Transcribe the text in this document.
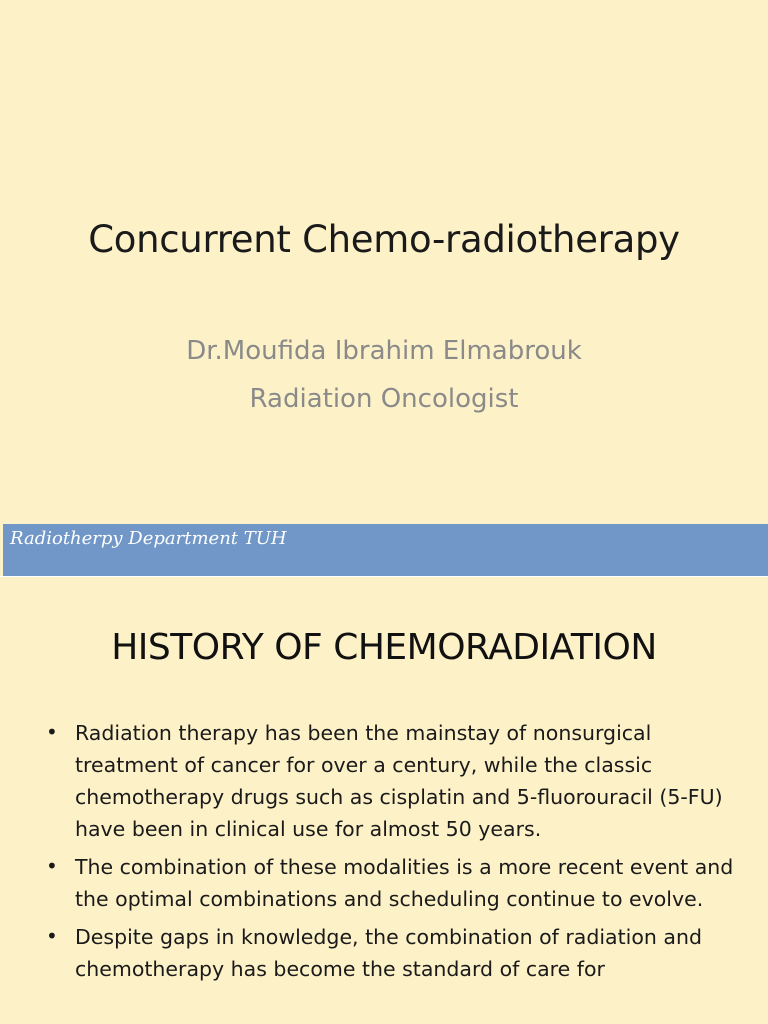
Concurrent Chemo-radiotherapy
Dr.Moufida Ibrahim Elmabrouk
Radiation Oncologist
Radiotherpy Department TUH
HISTORY OF CHEMORADIATION
• Radiation therapy has been the mainstay of nonsurgical treatment of cancer for over a century, while the classic chemotherapy drugs such as cisplatin and 5-fluorouracil (5-FU) have been in clinical use for almost 50 years.
• The combination of these modalities is a more recent event and the optimal combinations and scheduling continue to evolve.
• Despite gaps in knowledge, the combination of radiation and chemotherapy has become the standard of care for
